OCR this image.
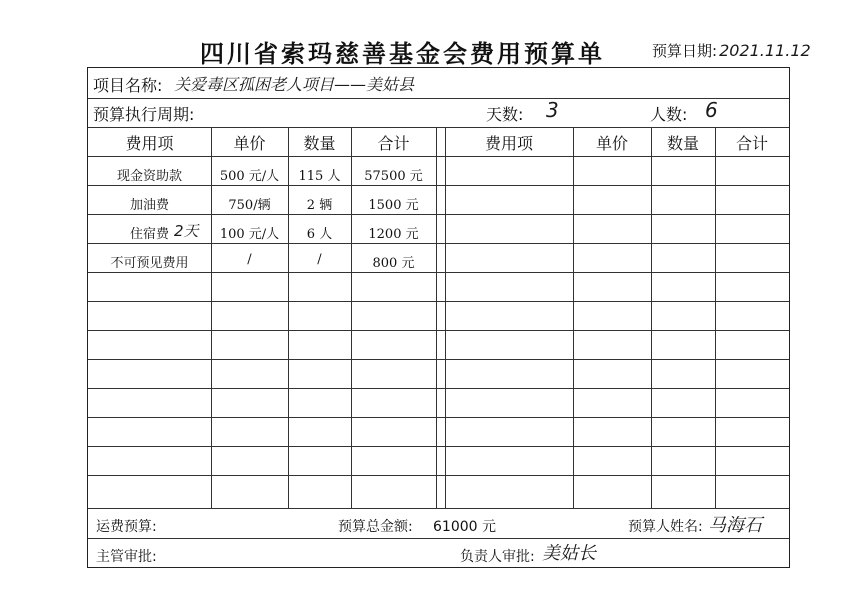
四川省索玛慈善基金会费用预算单	预算日期: 2021.11.12
项目名称: 关爱毒区孤困老人项目——美姑县
预算执行周期:	天数: 3	人数: 6
费用项	单价	数量	合计	费用项	单价	数量	合计
现金资助款	500 元/人	115 人	57500 元
加油费	750/辆	2 辆	1500 元
住宿费 2天	100 元/人	6 人	1200 元
不可预见费用	/	/	800 元
运费预算:	预算总金额: 61000 元	预算人姓名: 马海石
主管审批:	负责人审批: 美姑长
